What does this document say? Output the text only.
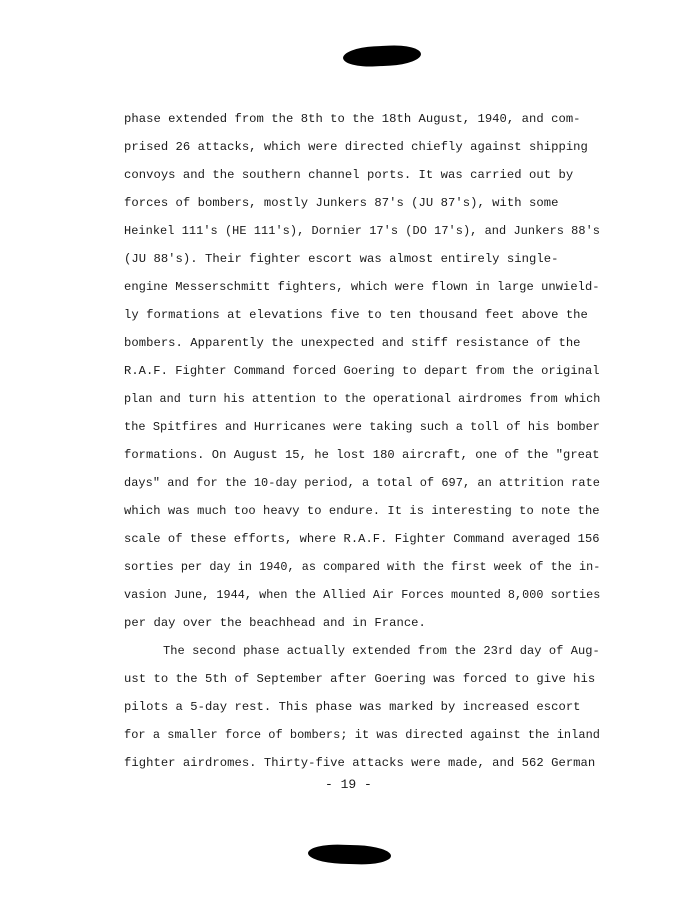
phase extended from the 8th to the 18th August, 1940, and com-
prised 26 attacks, which were directed chiefly against shipping
convoys and the southern channel ports. It was carried out by
forces of bombers, mostly Junkers 87's (JU 87's), with some
Heinkel 111's (HE 111's), Dornier 17's (DO 17's), and Junkers 88's
(JU 88's). Their fighter escort was almost entirely single-
engine Messerschmitt fighters, which were flown in large unwield-
ly formations at elevations five to ten thousand feet above the
bombers. Apparently the unexpected and stiff resistance of the
R.A.F. Fighter Command forced Goering to depart from the original
plan and turn his attention to the operational airdromes from which
the Spitfires and Hurricanes were taking such a toll of his bomber
formations. On August 15, he lost 180 aircraft, one of the "great
days" and for the 10-day period, a total of 697, an attrition rate
which was much too heavy to endure. It is interesting to note the
scale of these efforts, where R.A.F. Fighter Command averaged 156
sorties per day in 1940, as compared with the first week of the in-
vasion June, 1944, when the Allied Air Forces mounted 8,000 sorties
per day over the beachhead and in France.
The second phase actually extended from the 23rd day of Aug-
ust to the 5th of September after Goering was forced to give his
pilots a 5-day rest. This phase was marked by increased escort
for a smaller force of bombers; it was directed against the inland
fighter airdromes. Thirty-five attacks were made, and 562 German
- 19 -
